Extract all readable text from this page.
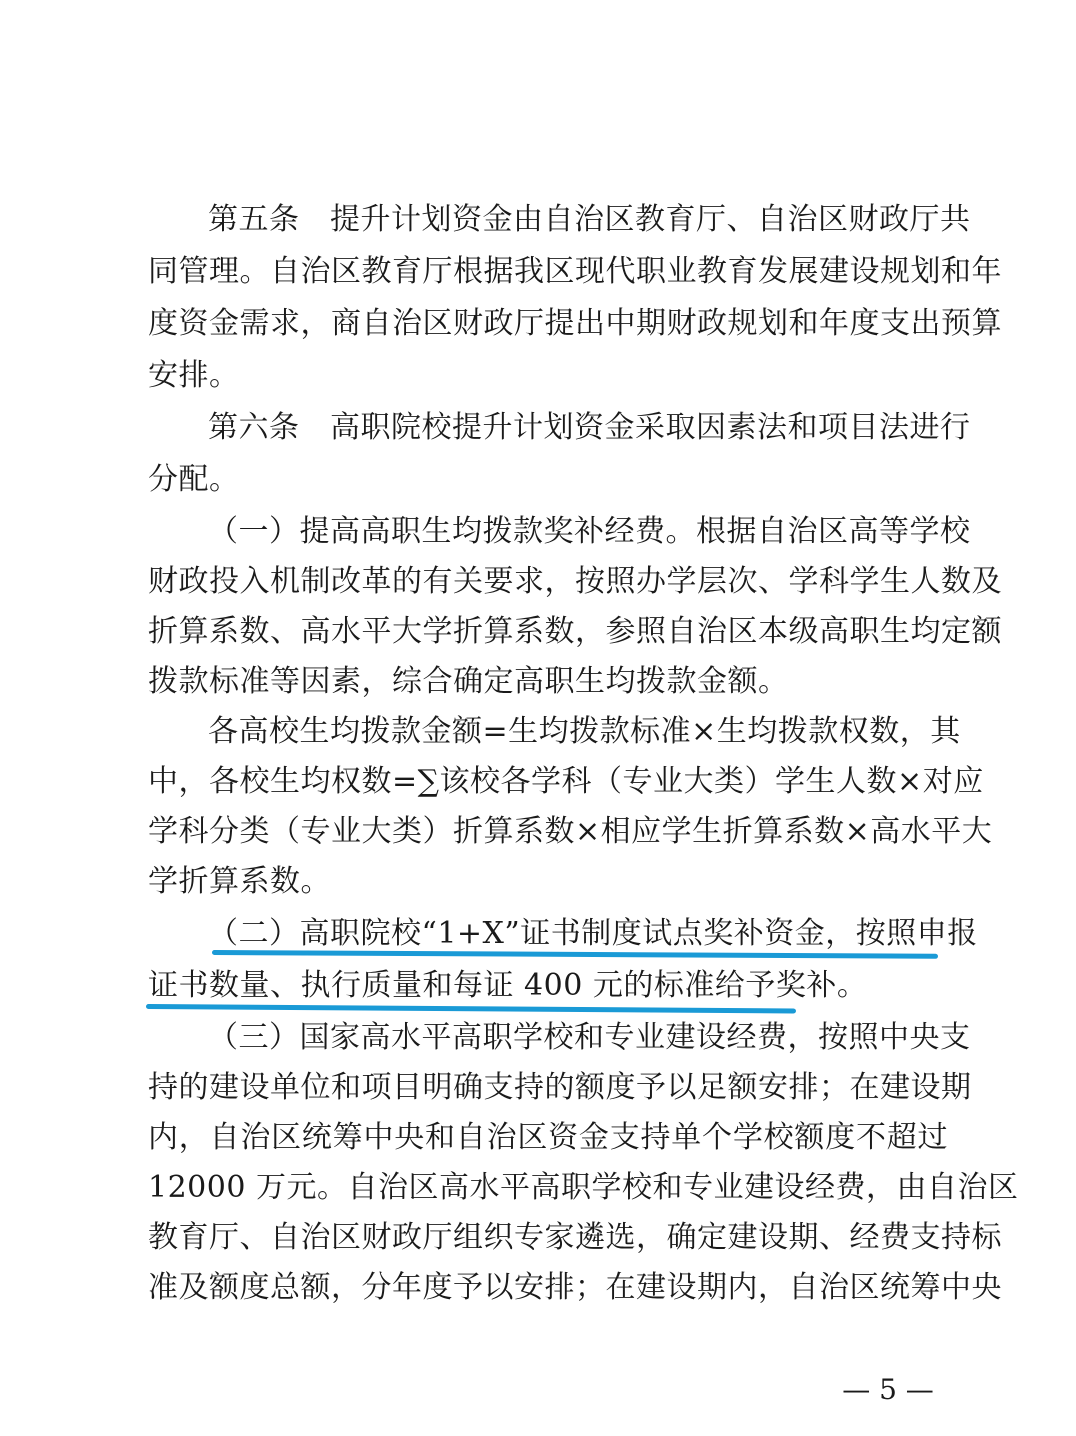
第五条　提升计划资金由自治区教育厅、自治区财政厅共
同管理。自治区教育厅根据我区现代职业教育发展建设规划和年
度资金需求，商自治区财政厅提出中期财政规划和年度支出预算
安排。
第六条　高职院校提升计划资金采取因素法和项目法进行
分配。
（一）提高高职生均拨款奖补经费。根据自治区高等学校
财政投入机制改革的有关要求，按照办学层次、学科学生人数及
折算系数、高水平大学折算系数，参照自治区本级高职生均定额
拨款标准等因素，综合确定高职生均拨款金额。
各高校生均拨款金额=生均拨款标准×生均拨款权数，其
中，各校生均权数=∑该校各学科（专业大类）学生人数×对应
学科分类（专业大类）折算系数×相应学生折算系数×高水平大
学折算系数。
（二）高职院校“1+X”证书制度试点奖补资金，按照申报
证书数量、执行质量和每证 400 元的标准给予奖补。
（三）国家高水平高职学校和专业建设经费，按照中央支
持的建设单位和项目明确支持的额度予以足额安排；在建设期
内，自治区统筹中央和自治区资金支持单个学校额度不超过
12000 万元。自治区高水平高职学校和专业建设经费，由自治区
教育厅、自治区财政厅组织专家遴选，确定建设期、经费支持标
准及额度总额，分年度予以安排；在建设期内，自治区统筹中央
— 5 —
